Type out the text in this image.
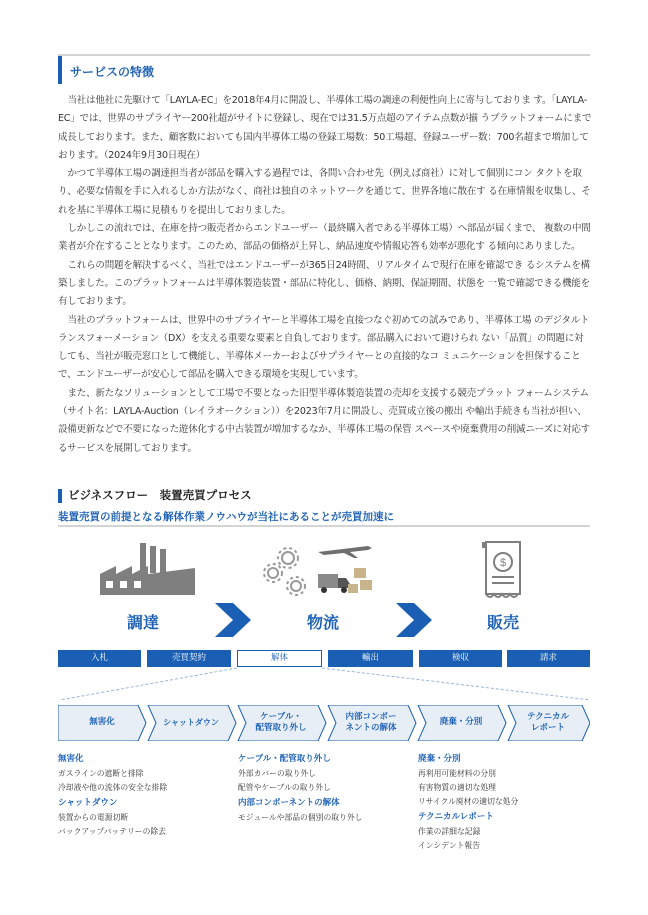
サービスの特徴

当社は他社に先駆けて「LAYLA-EC」を2018年4月に開設し、半導体工場の調達の利便性向上に寄与しておりま す。「LAYLA-EC」では、世界のサプライヤー200社超がサイトに登録し、現在では31.5万点超のアイテム点数が揃 うプラットフォームにまで成長しております。また、顧客数においても国内半導体工場の登録工場数：50工場超、登録ユーザー数：700名超まで増加しております。（2024年9月30日現在）

かつて半導体工場の調達担当者が部品を購入する過程では、各問い合わせ先（例えば商社）に対して個別にコン タクトを取り、必要な情報を手に入れるしか方法がなく、商社は独自のネットワークを通じて、世界各地に散在す る在庫情報を収集し、それを基に半導体工場に見積もりを提出しておりました。

しかしこの流れでは、在庫を持つ販売者からエンドユーザー（最終購入者である半導体工場）へ部品が届くまで、 複数の中間業者が介在することとなります。このため、部品の価格が上昇し、納品速度や情報応答も効率が悪化す る傾向にありました。

これらの問題を解決するべく、当社ではエンドユーザーが365日24時間、リアルタイムで現行在庫を確認でき るシステムを構築しました。このプラットフォームは半導体製造装置・部品に特化し、価格、納期、保証期間、状態を 一覧で確認できる機能を有しております。

当社のプラットフォームは、世界中のサプライヤーと半導体工場を直接つなぐ初めての試みであり、半導体工場 のデジタルトランスフォーメーション（DX）を支える重要な要素と自負しております。部品購入において避けられ ない「品質」の問題に対しても、当社が販売窓口として機能し、半導体メーカーおよびサプライヤーとの直接的なコ ミュニケーションを担保することで、エンドユーザーが安心して部品を購入できる環境を実現しています。

また、新たなソリューションとして工場で不要となった旧型半導体製造装置の売却を支援する競売プラット フォームシステム（サイト名：LAYLA-Auction（レイラオークション））を2023年7月に開設し、売買成立後の搬出 や輸出手続きも当社が担い、設備更新などで不要になった遊休化する中古装置が増加するなか、半導体工場の保管 スペースや廃棄費用の削減ニーズに対応するサービスを展開しております。

ビジネスフロー　装置売買プロセス
装置売買の前提となる解体作業ノウハウが当社にあることが売買加速に
調達	物流
$
販売
入札	売買契約	解体	輸出	検収	請求
無害化	シャットダウン
ケーブル・
配管取り外し
内部コンポー
ネントの解体
廃棄・分別	テクニカル
レポート
無害化
ガスラインの遮断と排除
冷却液や他の流体の安全な排除
シャットダウン
装置からの電源切断
バックアップバッテリーの除去
ケーブル・配管取り外し
外部カバーの取り外し
配管やケーブルの取り外し
内部コンポーネントの解体
モジュールや部品の個別の取り外し
廃棄・分別
再利用可能材料の分別
有害物質の適切な処理
リサイクル廃材の適切な処分
テクニカルレポート
作業の詳細な記録
インシデント報告
